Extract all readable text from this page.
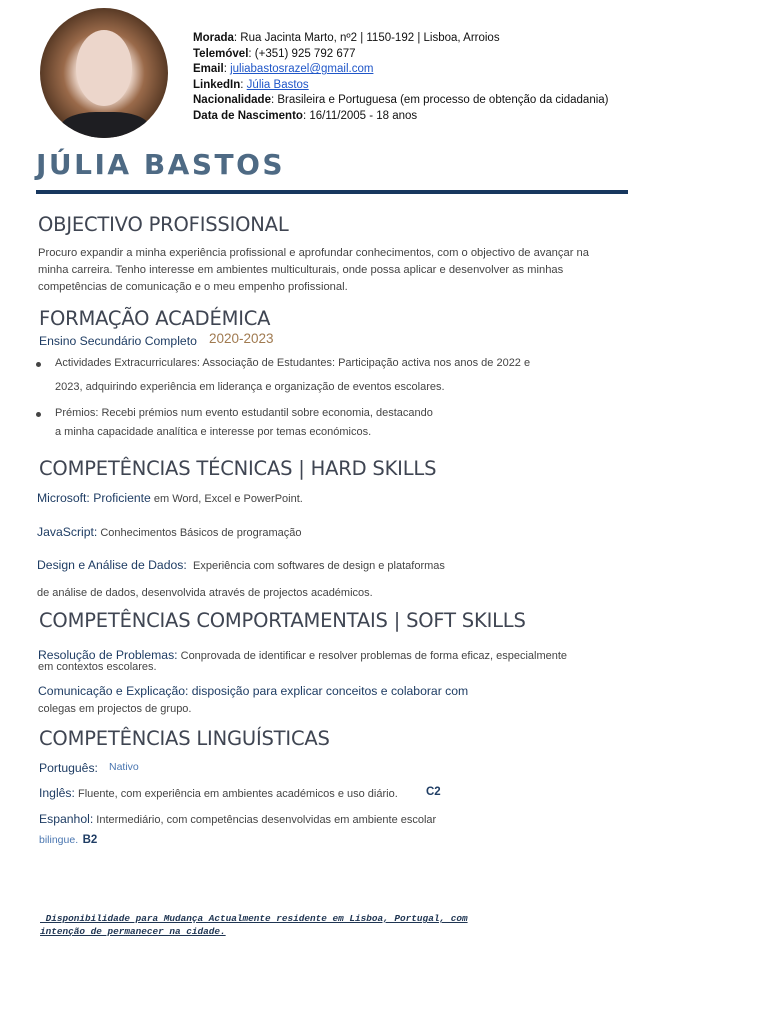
Morada: Rua Jacinta Marto, nº2 | 1150-192 | Lisboa, Arroios
Telemóvel: (+351) 925 792 677
Email: juliabastosrazel@gmail.com
LinkedIn: Júlia Bastos
Nacionalidade: Brasileira e Portuguesa (em processo de obtenção da cidadania)
Data de Nascimento: 16/11/2005 - 18 anos
JÚLIA BASTOS
OBJECTIVO PROFISSIONAL
Procuro expandir a minha experiência profissional e aprofundar conhecimentos, com o objectivo de avançar na
minha carreira. Tenho interesse em ambientes multiculturais, onde possa aplicar e desenvolver as minhas
competências de comunicação e o meu empenho profissional.
FORMAÇÃO ACADÉMICA
Ensino Secundário Completo 2020-2023
Actividades Extracurriculares: Associação de Estudantes: Participação activa nos anos de 2022 e
2023, adquirindo experiência em liderança e organização de eventos escolares.
Prémios: Recebi prémios num evento estudantil sobre economia, destacando
a minha capacidade analítica e interesse por temas económicos.
COMPETÊNCIAS TÉCNICAS | HARD SKILLS
Microsoft: Proficiente em Word, Excel e PowerPoint.
JavaScript: Conhecimentos Básicos de programação
Design e Análise de Dados: Experiência com softwares de design e plataformas
de análise de dados, desenvolvida através de projectos académicos.
COMPETÊNCIAS COMPORTAMENTAIS | SOFT SKILLS
Resolução de Problemas: Conprovada de identificar e resolver problemas de forma eficaz, especialmente
em contextos escolares.
Comunicação e Explicação: disposição para explicar conceitos e colaborar com
colegas em projectos de grupo.
COMPETÊNCIAS LINGUÍSTICAS
Português: Nativo
Inglês: Fluente, com experiência em ambientes académicos e uso diário. C2
Espanhol: Intermediário, com competências desenvolvidas em ambiente escolar
bilingue. B2
Disponibilidade para Mudança Actualmente residente em Lisboa, Portugal, com
intenção de permanecer na cidade.
